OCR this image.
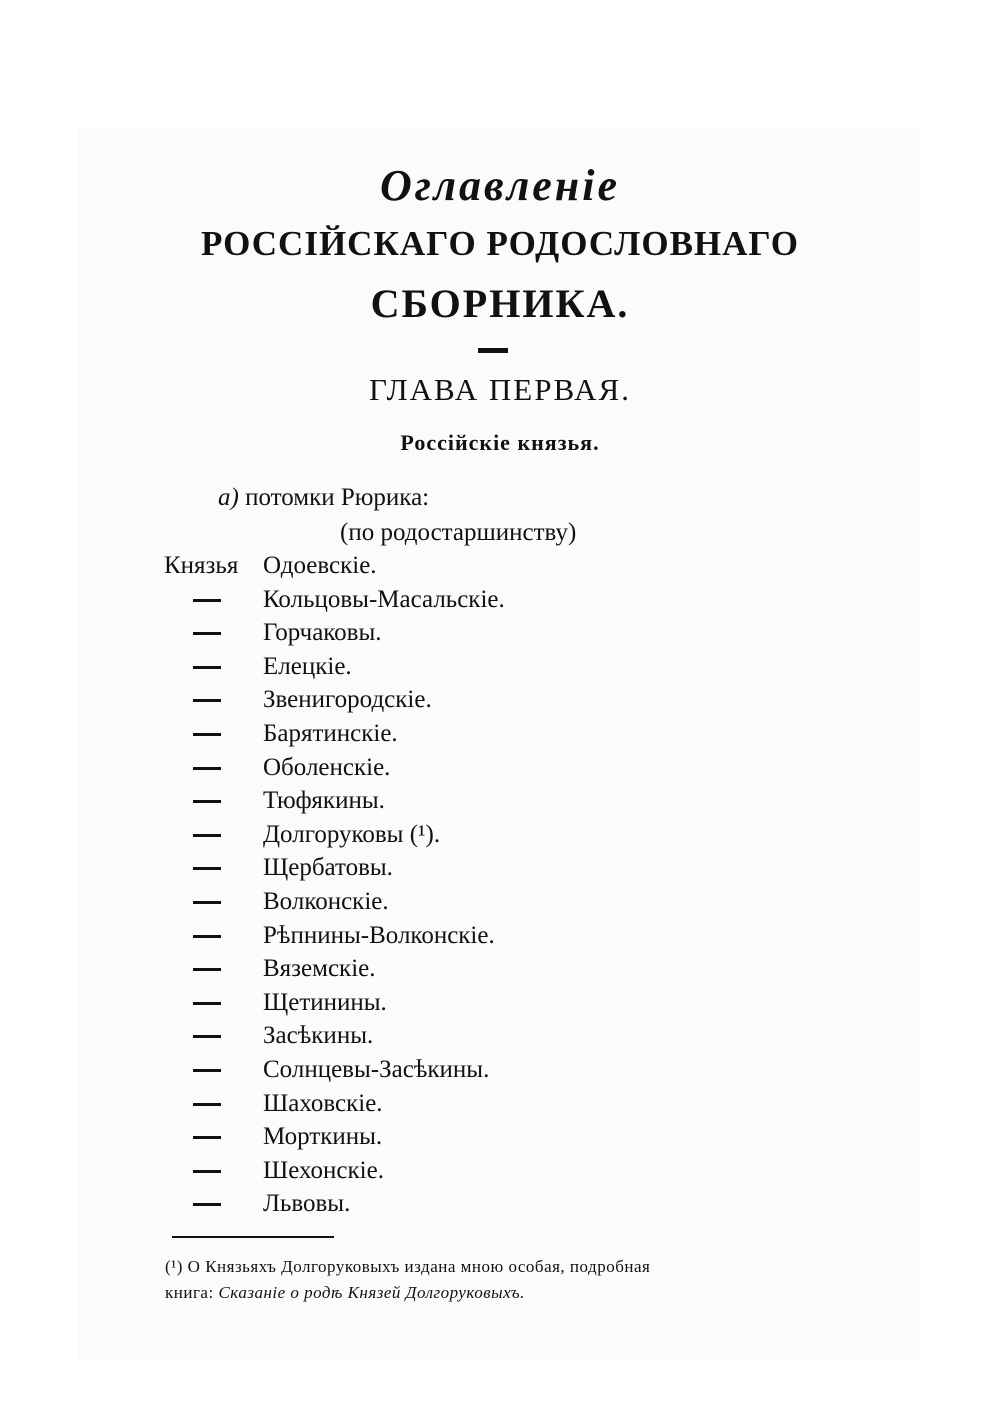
Оглавленіе
РОССІЙСКАГО РОДОСЛОВНАГО
СБОРНИКА.
ГЛАВА ПЕРВАЯ.
Россійскіе князья.
а) потомки Рюрика:
(по родостаршинству)
Князья Одоевскіе.
Кольцовы-Масальскіе.
Горчаковы.
Елецкіе.
Звенигородскіе.
Барятинскіе.
Оболенскіе.
Тюфякины.
Долгоруковы (¹).
Щербатовы.
Волконскіе.
Рѣпнины-Волконскіе.
Вяземскіе.
Щетинины.
Засѣкины.
Солнцевы-Засѣкины.
Шаховскіе.
Морткины.
Шехонскіе.
Львовы.
(¹) О Князьяхъ Долгоруковыхъ издана мною особая, подробная
книга: Сказаніе о родѣ Князей Долгоруковыхъ.
